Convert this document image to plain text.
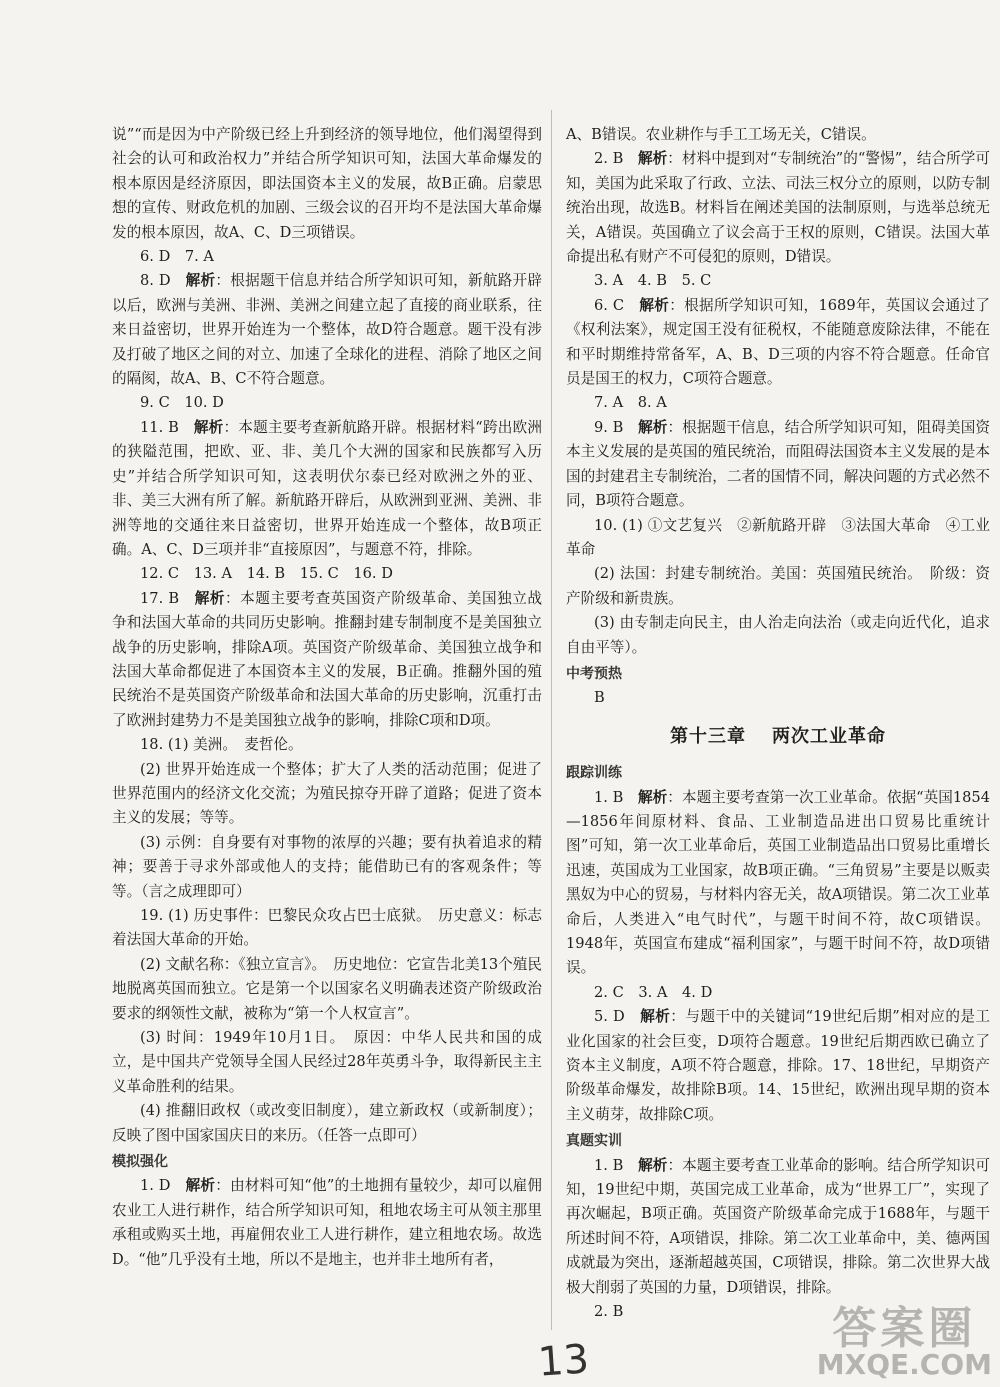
说”“而是因为中产阶级已经上升到经济的领导地位，他们渴望得到社会的认可和政治权力”并结合所学知识可知，法国大革命爆发的根本原因是经济原因，即法国资本主义的发展，故B正确。启蒙思想的宣传、财政危机的加剧、三级会议的召开均不是法国大革命爆发的根本原因，故A、C、D三项错误。

6. D　7. A

8. D　解析：根据题干信息并结合所学知识可知，新航路开辟以后，欧洲与美洲、非洲、美洲之间建立起了直接的商业联系，往来日益密切，世界开始连为一个整体，故D符合题意。题干没有涉及打破了地区之间的对立、加速了全球化的进程、消除了地区之间的隔阂，故A、B、C不符合题意。

9. C　10. D

11. B　解析：本题主要考查新航路开辟。根据材料“跨出欧洲的狭隘范围，把欧、亚、非、美几个大洲的国家和民族都写入历史”并结合所学知识可知，这表明伏尔泰已经对欧洲之外的亚、非、美三大洲有所了解。新航路开辟后，从欧洲到亚洲、美洲、非洲等地的交通往来日益密切，世界开始连成一个整体，故B项正确。A、C、D三项并非“直接原因”，与题意不符，排除。

12. C　13. A　14. B　15. C　16. D

17. B　解析：本题主要考查英国资产阶级革命、美国独立战争和法国大革命的共同历史影响。推翻封建专制制度不是美国独立战争的历史影响，排除A项。英国资产阶级革命、美国独立战争和法国大革命都促进了本国资本主义的发展，B正确。推翻外国的殖民统治不是英国资产阶级革命和法国大革命的历史影响，沉重打击了欧洲封建势力不是美国独立战争的影响，排除C项和D项。

18. (1) 美洲。　麦哲伦。

(2) 世界开始连成一个整体；扩大了人类的活动范围；促进了世界范围内的经济文化交流；为殖民掠夺开辟了道路；促进了资本主义的发展；等等。

(3) 示例：自身要有对事物的浓厚的兴趣；要有执着追求的精神；要善于寻求外部或他人的支持；能借助已有的客观条件；等等。（言之成理即可）

19. (1) 历史事件：巴黎民众攻占巴士底狱。　历史意义：标志着法国大革命的开始。

(2) 文献名称：《独立宣言》。　历史地位：它宣告北美13个殖民地脱离英国而独立。它是第一个以国家名义明确表述资产阶级政治要求的纲领性文献，被称为“第一个人权宣言”。

(3) 时间：1949年10月1日。　原因：中华人民共和国的成立，是中国共产党领导全国人民经过28年英勇斗争，取得新民主主义革命胜利的结果。

(4) 推翻旧政权（或改变旧制度），建立新政权（或新制度）；反映了图中国家国庆日的来历。（任答一点即可）

模拟强化

1. D　解析：由材料可知“他”的土地拥有量较少，却可以雇佣农业工人进行耕作，结合所学知识可知，租地农场主可从领主那里承租或购买土地，再雇佣农业工人进行耕作，建立租地农场。故选D。“他”几乎没有土地，所以不是地主，也并非土地所有者，

A、B错误。农业耕作与手工工场无关，C错误。

2. B　解析：材料中提到对“专制统治”的“警惕”，结合所学可知，美国为此采取了行政、立法、司法三权分立的原则，以防专制统治出现，故选B。材料旨在阐述美国的法制原则，与选举总统无关，A错误。英国确立了议会高于王权的原则，C错误。法国大革命提出私有财产不可侵犯的原则，D错误。

3. A　4. B　5. C

6. C　解析：根据所学知识可知，1689年，英国议会通过了《权利法案》，规定国王没有征税权，不能随意废除法律，不能在和平时期维持常备军，A、B、D三项的内容不符合题意。任命官员是国王的权力，C项符合题意。

7. A　8. A

9. B　解析：根据题干信息，结合所学知识可知，阻碍美国资本主义发展的是英国的殖民统治，而阻碍法国资本主义发展的是本国的封建君主专制统治，二者的国情不同，解决问题的方式必然不同，B项符合题意。

10. (1) ①文艺复兴　②新航路开辟　③法国大革命　④工业革命

(2) 法国：封建专制统治。美国：英国殖民统治。　阶级：资产阶级和新贵族。

(3) 由专制走向民主，由人治走向法治（或走向近代化，追求自由平等）。

中考预热

B

第十三章 两次工业革命

跟踪训练

1. B　解析：本题主要考查第一次工业革命。依据“英国1854—1856年间原材料、食品、工业制造品进出口贸易比重统计图”可知，第一次工业革命后，英国工业制造品出口贸易比重增长迅速，英国成为工业国家，故B项正确。“三角贸易”主要是以贩卖黑奴为中心的贸易，与材料内容无关，故A项错误。第二次工业革命后，人类进入“电气时代”，与题干时间不符，故C项错误。1948年，英国宣布建成“福利国家”，与题干时间不符，故D项错误。

2. C　3. A　4. D

5. D　解析：与题干中的关键词“19世纪后期”相对应的是工业化国家的社会巨变，D项符合题意。19世纪后期西欧已确立了资本主义制度，A项不符合题意，排除。17、18世纪，早期资产阶级革命爆发，故排除B项。14、15世纪，欧洲出现早期的资本主义萌芽，故排除C项。

真题实训

1. B　解析：本题主要考查工业革命的影响。结合所学知识可知，19世纪中期，英国完成工业革命，成为“世界工厂”，实现了再次崛起，B项正确。英国资产阶级革命完成于1688年，与题干所述时间不符，A项错误，排除。第二次工业革命中，美、德两国成就最为突出，逐渐超越英国，C项错误，排除。第二次世界大战极大削弱了英国的力量，D项错误，排除。

2. B

13
答案圈
MXQE.COM
